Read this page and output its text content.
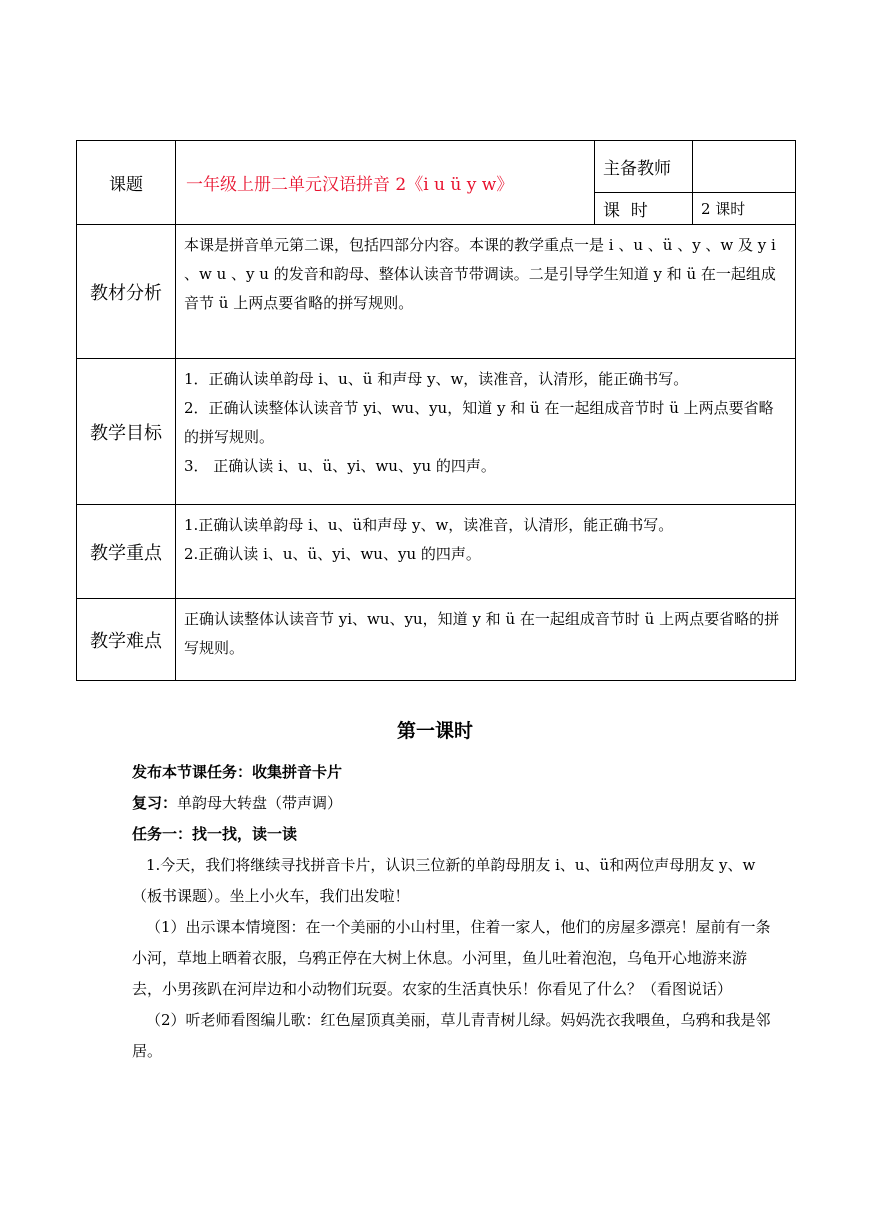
课题	一年级上册二单元汉语拼音 2《i u ü y w》	主备教师	
		课  时	2 课时
教材分析	本课是拼音单元第二课，包括四部分内容。本课的教学重点一是 i 、u 、ü 、y 、w 及 y i 、w u 、y u 的发音和韵母、整体认读音节带调读。二是引导学生知道 y 和 ü 在一起组成音节 ü 上两点要省略的拼写规则。		

教学目标	1．正确认读单韵母 i、u、ü 和声母 y、w，读准音，认清形，能正确书写。

2．正确认读整体认读音节 yi、wu、yu，知道 y 和 ü 在一起组成音节时 ü 上两点要省略的拼写规则。

3． 正确认读 i、u、ü、yi、wu、yu 的四声。		

教学重点	1.正确认读单韵母 i、u、ü和声母 y、w，读准音，认清形，能正确书写。

2.正确认读 i、u、ü、yi、wu、yu 的四声。		

教学难点	正确认读整体认读音节 yi、wu、yu，知道 y 和 ü 在一起组成音节时 ü 上两点要省略的拼写规则。		

第一课时

发布本节课任务：收集拼音卡片

复习：单韵母大转盘（带声调）

任务一：找一找，读一读

1.今天，我们将继续寻找拼音卡片，认识三位新的单韵母朋友 i、u、ü和两位声母朋友 y、w（板书课题）。坐上小火车，我们出发啦！

（1）出示课本情境图：在一个美丽的小山村里，住着一家人，他们的房屋多漂亮！屋前有一条小河，草地上晒着衣服，乌鸦正停在大树上休息。小河里，鱼儿吐着泡泡，乌龟开心地游来游去，小男孩趴在河岸边和小动物们玩耍。农家的生活真快乐！你看见了什么？（看图说话）

（2）听老师看图编儿歌：红色屋顶真美丽，草儿青青树儿绿。妈妈洗衣我喂鱼，乌鸦和我是邻居。
